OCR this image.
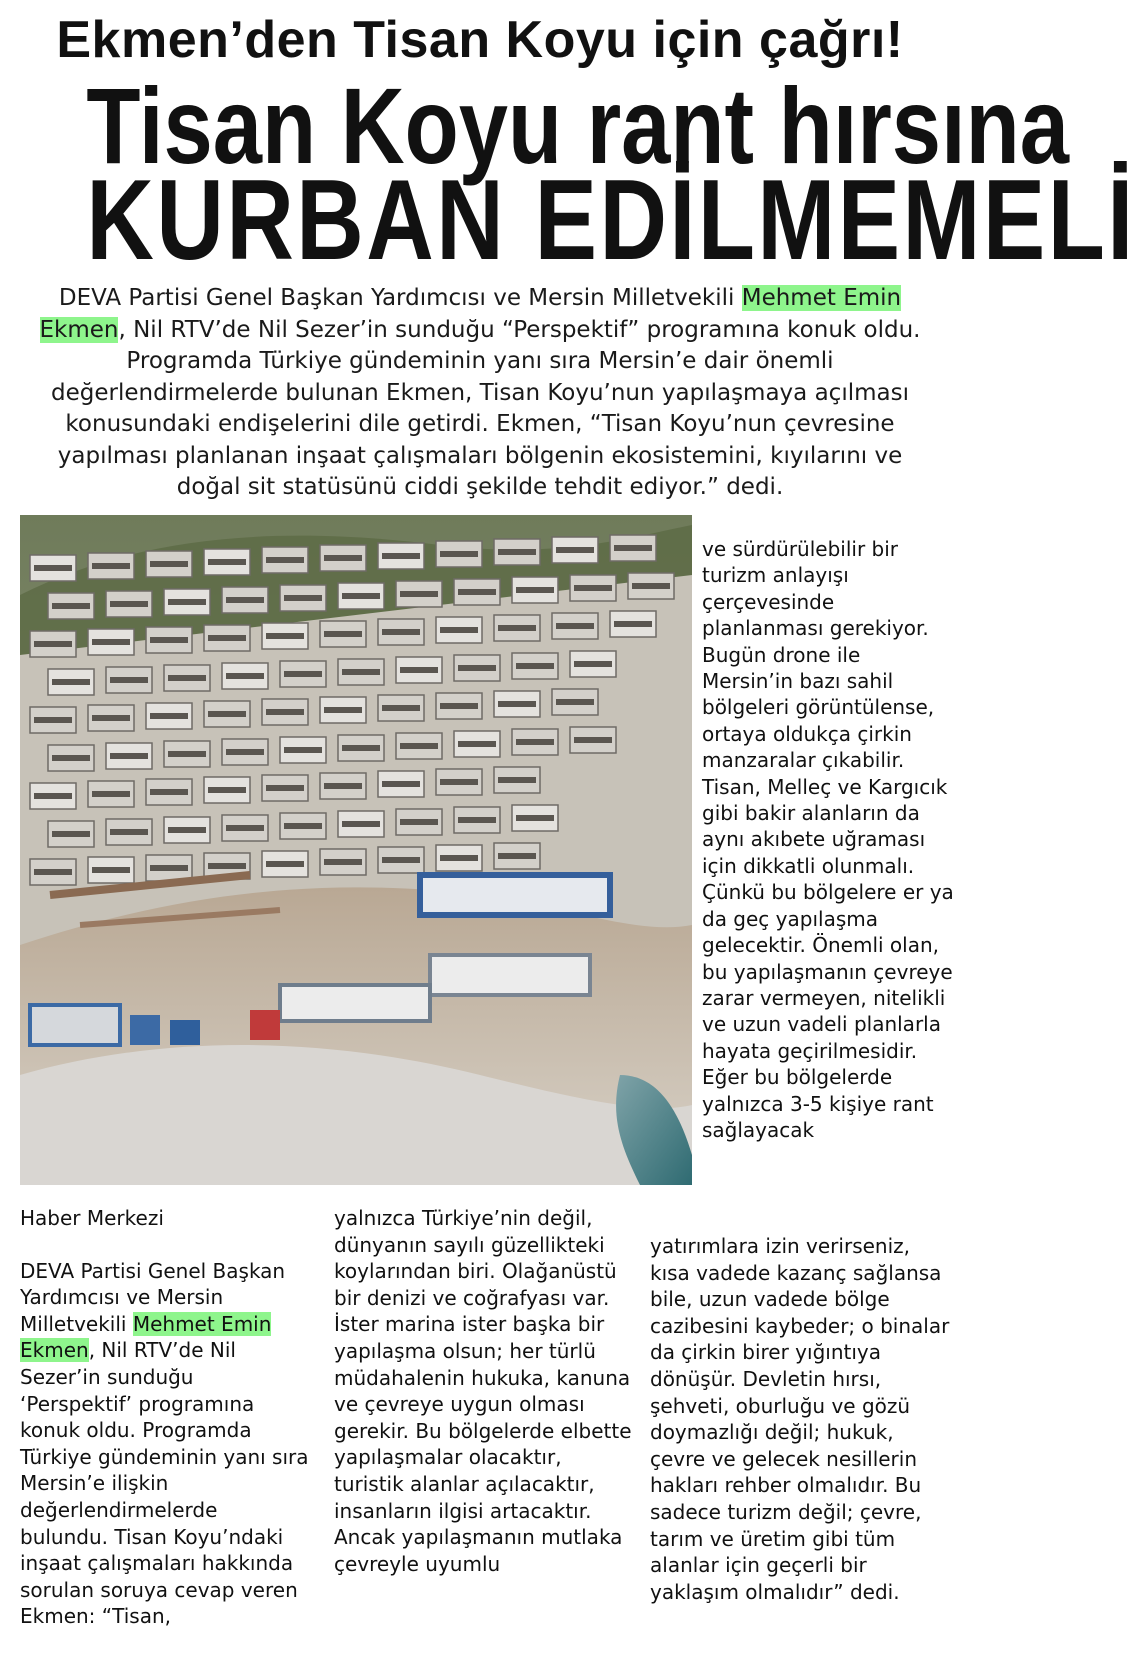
Ekmen’den Tisan Koyu için çağrı!
Tisan Koyu rant hırsına
KURBAN EDİLMEMELİ
DEVA Partisi Genel Başkan Yardımcısı ve Mersin Milletvekili Mehmet Emin Ekmen, Nil RTV’de Nil Sezer’in sunduğu “Perspektif” programına konuk oldu. Programda Türkiye gündeminin yanı sıra Mersin’e dair önemli değerlendirmelerde bulunan Ekmen, Tisan Koyu’nun yapılaşmaya açılması konusundaki endişelerini dile getirdi. Ekmen, “Tisan Koyu’nun çevresine yapılması planlanan inşaat çalışmaları bölgenin ekosistemini, kıyılarını ve doğal sit statüsünü ciddi şekilde tehdit ediyor.” dedi.
ve sürdürülebilir bir turizm anlayışı çerçevesinde planlanması gerekiyor. Bugün drone ile Mersin’in bazı sahil bölgeleri görüntülense, ortaya oldukça çirkin manzaralar çıkabilir. Tisan, Melleç ve Kargıcık gibi bakir alanların da aynı akıbete uğraması için dikkatli olunmalı. Çünkü bu bölgelere er ya da geç yapılaşma gelecektir. Önemli olan, bu yapılaşmanın çevreye zarar vermeyen, nitelikli ve uzun vadeli planlarla hayata geçirilmesidir. Eğer bu bölgelerde yalnızca 3-5 kişiye rant sağlayacak

Haber Merkezi

DEVA Partisi Genel Başkan Yardımcısı ve Mersin Milletvekili Mehmet Emin Ekmen, Nil RTV’de Nil Sezer’in sunduğu ‘Perspektif’ programına konuk oldu. Programda Türkiye gündeminin yanı sıra Mersin’e ilişkin değerlendirmelerde bulundu. Tisan Koyu’ndaki inşaat çalışmaları hakkında sorulan soruya cevap veren Ekmen: “Tisan,

yalnızca Türkiye’nin değil, dünyanın sayılı güzellikteki koylarından biri. Olağanüstü bir denizi ve coğrafyası var. İster marina ister başka bir yapılaşma olsun; her türlü müdahalenin hukuka, kanuna ve çevreye uygun olması gerekir. Bu bölgelerde elbette yapılaşmalar olacaktır, turistik alanlar açılacaktır, insanların ilgisi artacaktır. Ancak yapılaşmanın mutlaka çevreyle uyumlu
yatırımlara izin verirseniz, kısa vadede kazanç sağlansa bile, uzun vadede bölge cazibesini kaybeder; o binalar da çirkin birer yığıntıya dönüşür. Devletin hırsı, şehveti, oburluğu ve gözü doymazlığı değil; hukuk, çevre ve gelecek nesillerin hakları rehber olmalıdır. Bu sadece turizm değil; çevre, tarım ve üretim gibi tüm alanlar için geçerli bir yaklaşım olmalıdır” dedi.
